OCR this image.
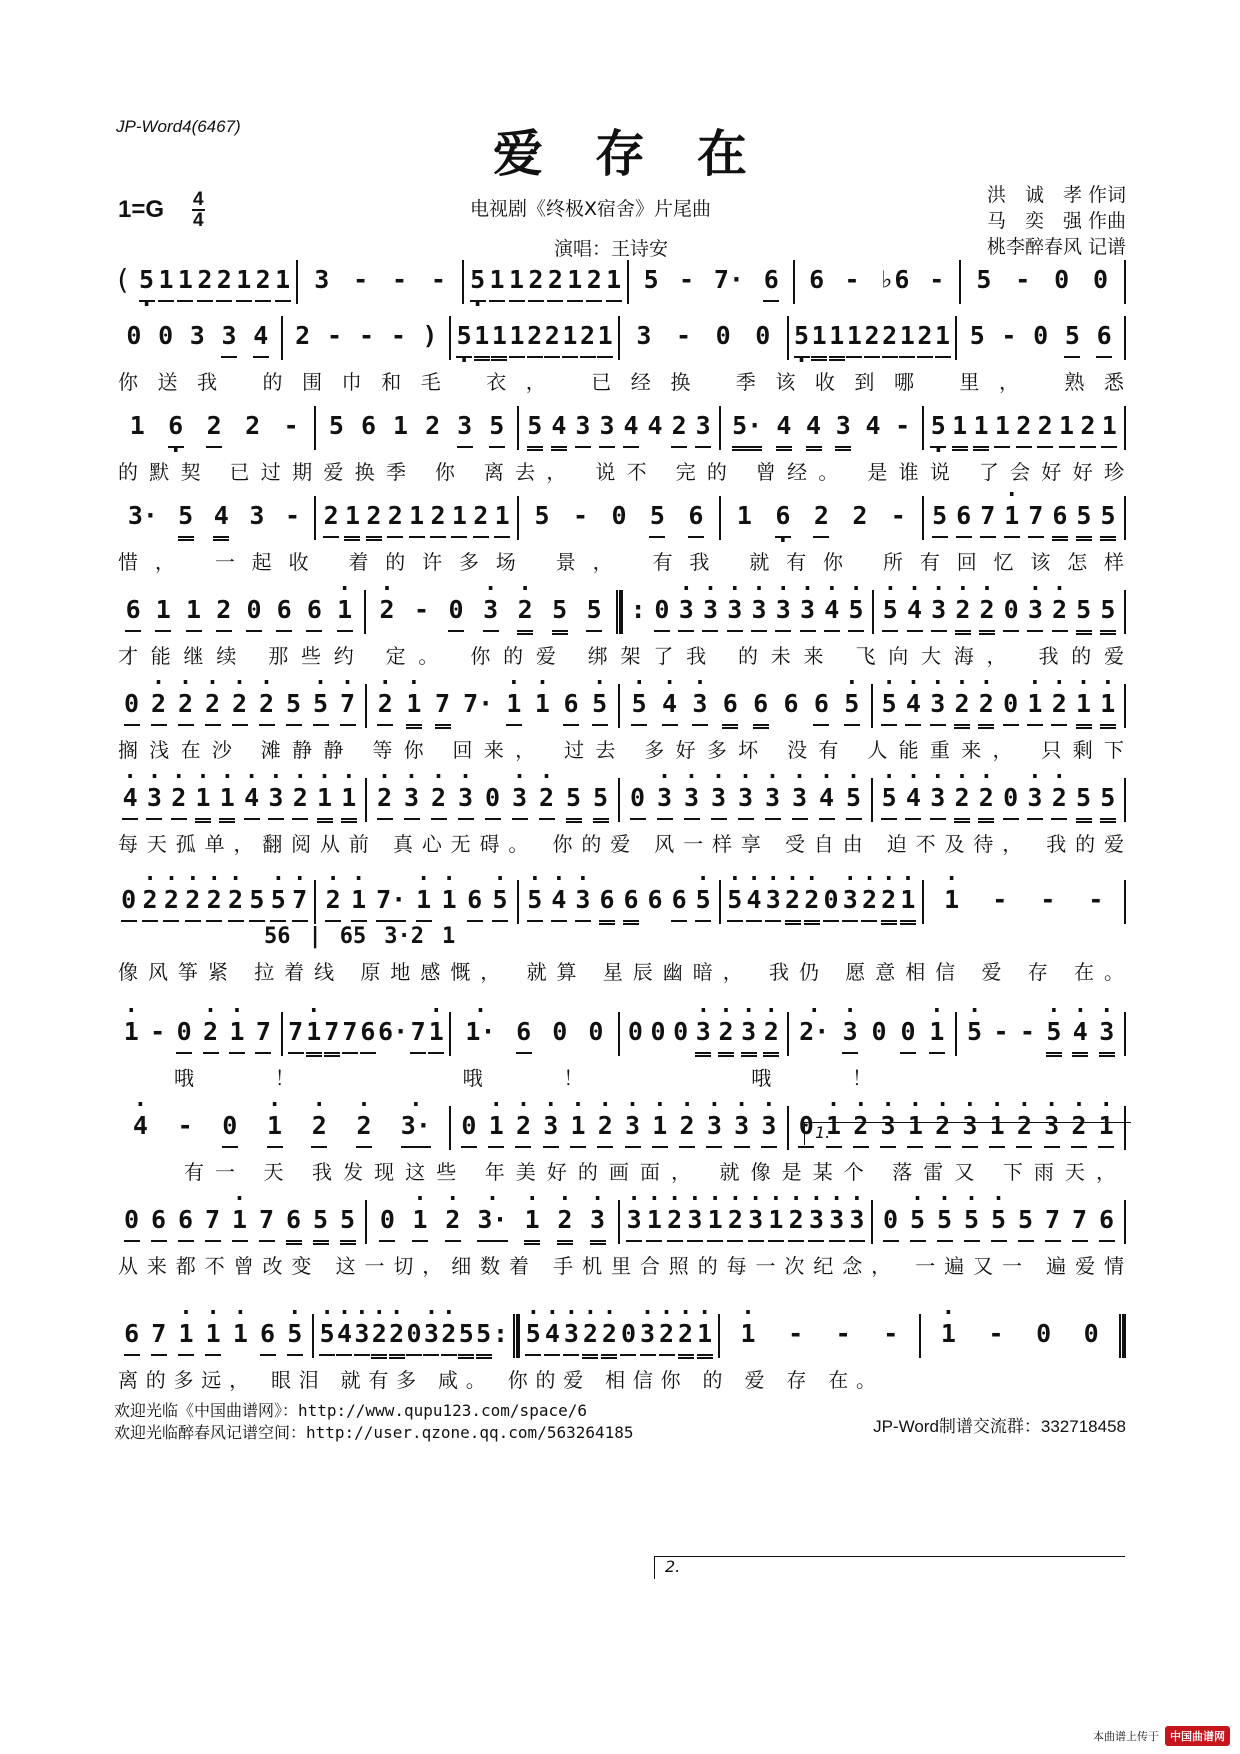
JP-Word4(6467)	爱存在
1=G 4
4
电视剧《终极X宿舍》片尾曲
演唱：王诗安
洪　诚　孝 作词
马　奕　强 作曲
桃李醉春风 记谱
( 5 . 1 1 2 2 1 2 1 3 - - - 5 . 1 1 2 2 1 2 1 5 - 7· 6 6 - ♭6 - 5 - 0 0
0 0 3 3 4 2 - - - ) 5 . 1 1 1 2 2 1 2 1 3 - 0 0 5 . 1 1 1 2 2 1 2 1 5 - 0 5 6
你送我 的围巾和毛 衣， 已经换 季该收到哪 里， 熟悉
1 6 . 2 2 - 5 6 1 2 3 5 5 4 3 3 4 4 2 3 5· 4 4 3 4 - 5 . 1 1 1 2 2 1 2 1
的默契 已过期爱换季 你 离去， 说不 完的 曾经。 是谁说 了会好好珍
3· 5 4 3 - 2 1 2 2 1 2 1 2 1 5 - 0 5 6 1 6 . 2 2 - 5 6 7 1 . 7 6 5 5
惜， 一起收 着的许多场 景， 有我 就有你 所有回忆该怎样
6 1 1 2 0 6 6 1 . 2 . - 0 3 . 2 . 5 5	: 0 3 . 3 . 3 . 3 . 3 . 3 . 4 . 5 . 5 . 4 . 3 . 2 . 2 . 0 3 . 2 . 5 5
才能继续 那些约 定。 你的爱 绑架了我 的未来 飞向大海， 我的爱
0 2 . 2 . 2 . 2 . 2 . 5 5 . 7 . 2 . 1 . 7 7· 1 . 1 . 6 5 . 5 . 4 . 3 . 6 6 6 6 5 . 5 . 4 . 3 . 2 . 2 . 0 1 . 2 . 1 . 1 .
搁浅在沙 滩静静 等你 回来， 过去 多好多坏 没有 人能重来， 只剩下
4 . 3 . 2 . 1 . 1 . 4 . 3 . 2 . 1 . 1 . 2 . 3 . 2 . 3 . 0 3 . 2 . 5 5 0 3 . 3 . 3 . 3 . 3 . 3 . 4 . 5 . 5 . 4 . 3 . 2 . 2 . 0 3 . 2 . 5 5
每天孤单，翻阅从前 真心无碍。 你的爱 风一样享 受自由 迫不及待， 我的爱
1.
0 2 . 2 . 2 . 2 . 2 . 5 5 . 7 . 2 . 1 . 7· 1 . 1 . 6 5 . 5 . 4 . 3 . 6 6 6 6 5 . 5 . 4 . 3 . 2 . 2 . 0 3 . 2 . 2 . 1 . 1 . - - -
56 | 65 3·2 1
像风筝紧 拉着线 原地感慨， 就算 星辰幽暗， 我仍 愿意相信 爱 存 在。
1 . - 0 2 . 1 . 7 7 1 . 7 7 6 6· 7 1 . 1· . 6 0 0 0 0 0 3 . 2 . 3 . 2 . 2· . 3 . 0 0 1 . 5 . - - 5 . 4 . 3 .
哦！ 哦！ 哦！
4 . - 0 1 . 2 . 2 . 3· . 0 1 . 2 . 3 . 1 . 2 . 3 . 1 . 2 . 3 . 3 . 3 . 0 1 . 2 . 3 . 1 . 2 . 3 . 1 . 2 . 3 . 2 . 1 .
有一 天 我发现这些 年美好的画面， 就像是某个 落雷又 下雨天，
0 6 6 7 1 . 7 6 5 5 0 1 . 2 . 3· . 1 . 2 . 3 . 3 . 1 . 2 . 3 . 1 . 2 . 3 . 1 . 2 . 3 . 3 . 3 . 0 5 . 5 . 5 . 5 . 5 7 7 6
从来都不曾改变 这一切，细数着 手机里合照的每一次纪念， 一遍又一 遍爱情
2.
6 7 1 . 1 . 1 . 6 5 . 5 . 4 . 3 . 2 . 2 . 0 3 . 2 . 5 5 : 5 . 4 . 3 . 2 . 2 . 0 3 . 2 . 2 . 1 . 1 . - - - 1 . - 0 0
离的多远， 眼泪 就有多 咸。 你的爱 相信你 的 爱 存 在。
欢迎光临《中国曲谱网》：http://www.qupu123.com/space/6
欢迎光临醉春风记谱空间：http://user.qzone.qq.com/563264185	JP-Word制谱交流群：332718458
本曲谱上传于	中国曲谱网
